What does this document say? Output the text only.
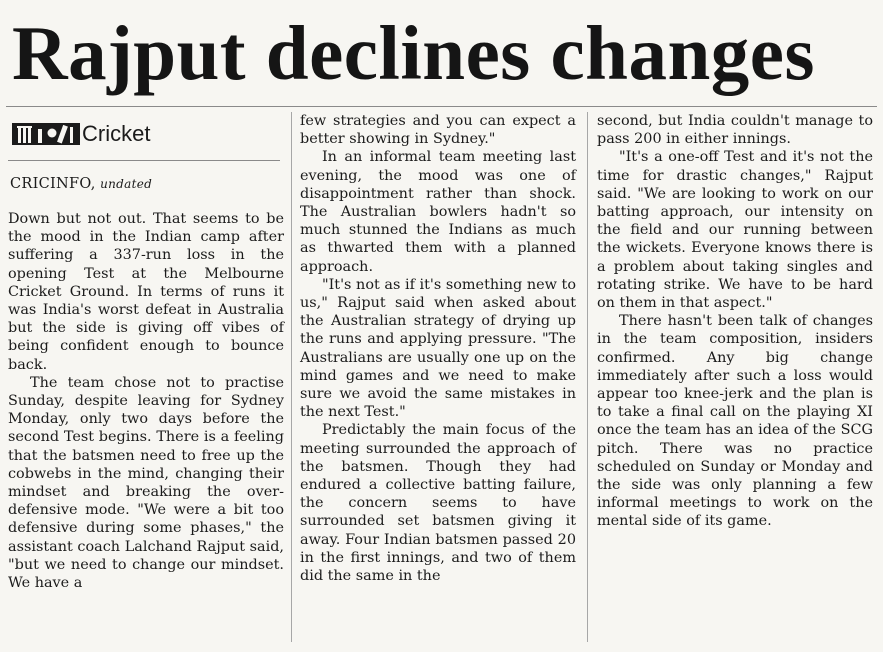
Rajput declines changes
Cricket
CRICINFO, undated

Down but not out. That seems to be the mood in the Indian camp after suffering a 337-run loss in the opening Test at the Melbourne Cricket Ground. In terms of runs it was India's worst defeat in Australia but the side is giving off vibes of being confident enough to bounce back.

The team chose not to practise Sunday, despite leaving for Sydney Monday, only two days before the second Test begins. There is a feeling that the batsmen need to free up the cobwebs in the mind, changing their mindset and breaking the over-defensive mode. "We were a bit too defensive during some phases," the assistant coach Lalchand Rajput said, "but we need to change our mindset. We have a

few strategies and you can expect a better showing in Sydney."

In an informal team meeting last evening, the mood was one of disappointment rather than shock. The Australian bowlers hadn't so much stunned the Indians as much as thwarted them with a planned approach.

"It's not as if it's something new to us," Rajput said when asked about the Australian strategy of drying up the runs and applying pressure. "The Australians are usually one up on the mind games and we need to make sure we avoid the same mistakes in the next Test."

Predictably the main focus of the meeting surrounded the approach of the batsmen. Though they had endured a collective batting failure, the concern seems to have surrounded set batsmen giving it away. Four Indian batsmen passed 20 in the first innings, and two of them did the same in the

second, but India couldn't manage to pass 200 in either innings.

"It's a one-off Test and it's not the time for drastic changes," Rajput said. "We are looking to work on our batting approach, our intensity on the field and our running between the wickets. Everyone knows there is a problem about taking singles and rotating strike. We have to be hard on them in that aspect."

There hasn't been talk of changes in the team composition, insiders confirmed. Any big change immediately after such a loss would appear too knee-jerk and the plan is to take a final call on the playing XI once the team has an idea of the SCG pitch. There was no practice scheduled on Sunday or Monday and the side was only planning a few informal meetings to work on the mental side of its game.
